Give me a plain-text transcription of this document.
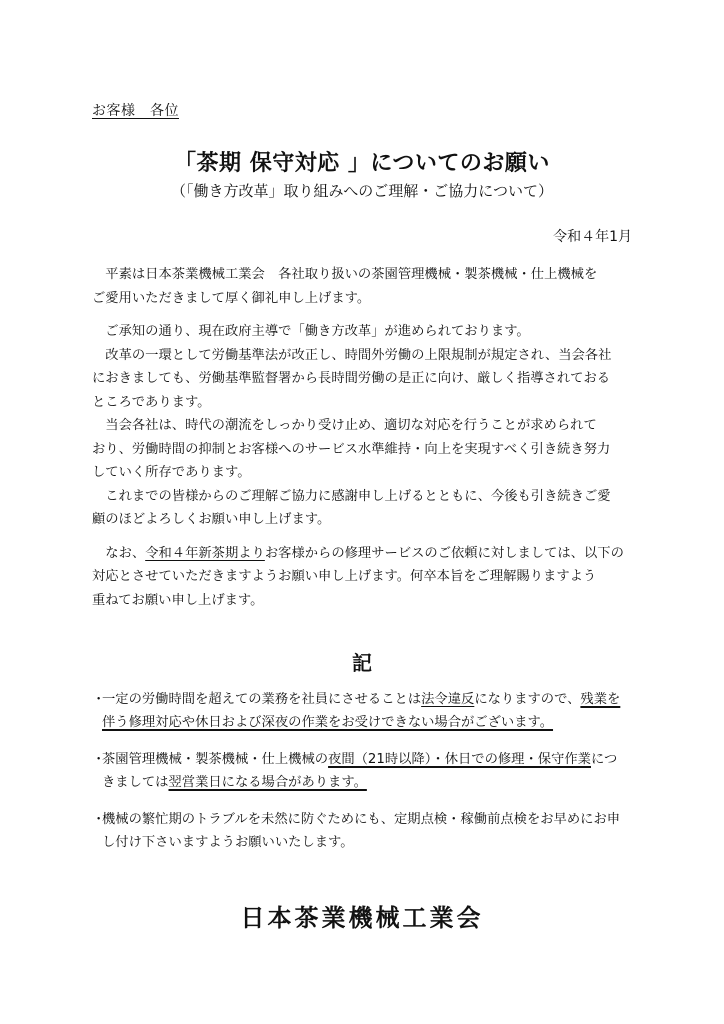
お客様　各位
「茶期 保守対応 」についてのお願い
（「働き方改革」取り組みへのご理解・ご協力について）
令和４年1月

平素は日本茶業機械工業会　各社取り扱いの茶園管理機械・製茶機械・仕上機械を
ご愛用いただきまして厚く御礼申し上げます。

ご承知の通り、現在政府主導で「働き方改革」が進められております。

改革の一環として労働基準法が改正し、時間外労働の上限規制が規定され、当会各社
におきましても、労働基準監督署から長時間労働の是正に向け、厳しく指導されておる
ところであります。

当会各社は、時代の潮流をしっかり受け止め、適切な対応を行うことが求められて
おり、労働時間の抑制とお客様へのサービス水準維持・向上を実現すべく引き続き努力
していく所存であります。

これまでの皆様からのご理解ご協力に感謝申し上げるとともに、今後も引き続きご愛
顧のほどよろしくお願い申し上げます。

なお、令和４年新茶期よりお客様からの修理サービスのご依頼に対しましては、以下の
対応とさせていただきますようお願い申し上げます。何卒本旨をご理解賜りますよう
重ねてお願い申し上げます。

記
・
一定の労働時間を超えての業務を社員にさせることは法令違反になりますので、残業を
伴う修理対応や休日および深夜の作業をお受けできない場合がございます。
・
茶園管理機械・製茶機械・仕上機械の夜間（21時以降）・休日での修理・保守作業につ
きましては翌営業日になる場合があります。
・
機械の繁忙期のトラブルを未然に防ぐためにも、定期点検・稼働前点検をお早めにお申
し付け下さいますようお願いいたします。
日本茶業機械工業会
